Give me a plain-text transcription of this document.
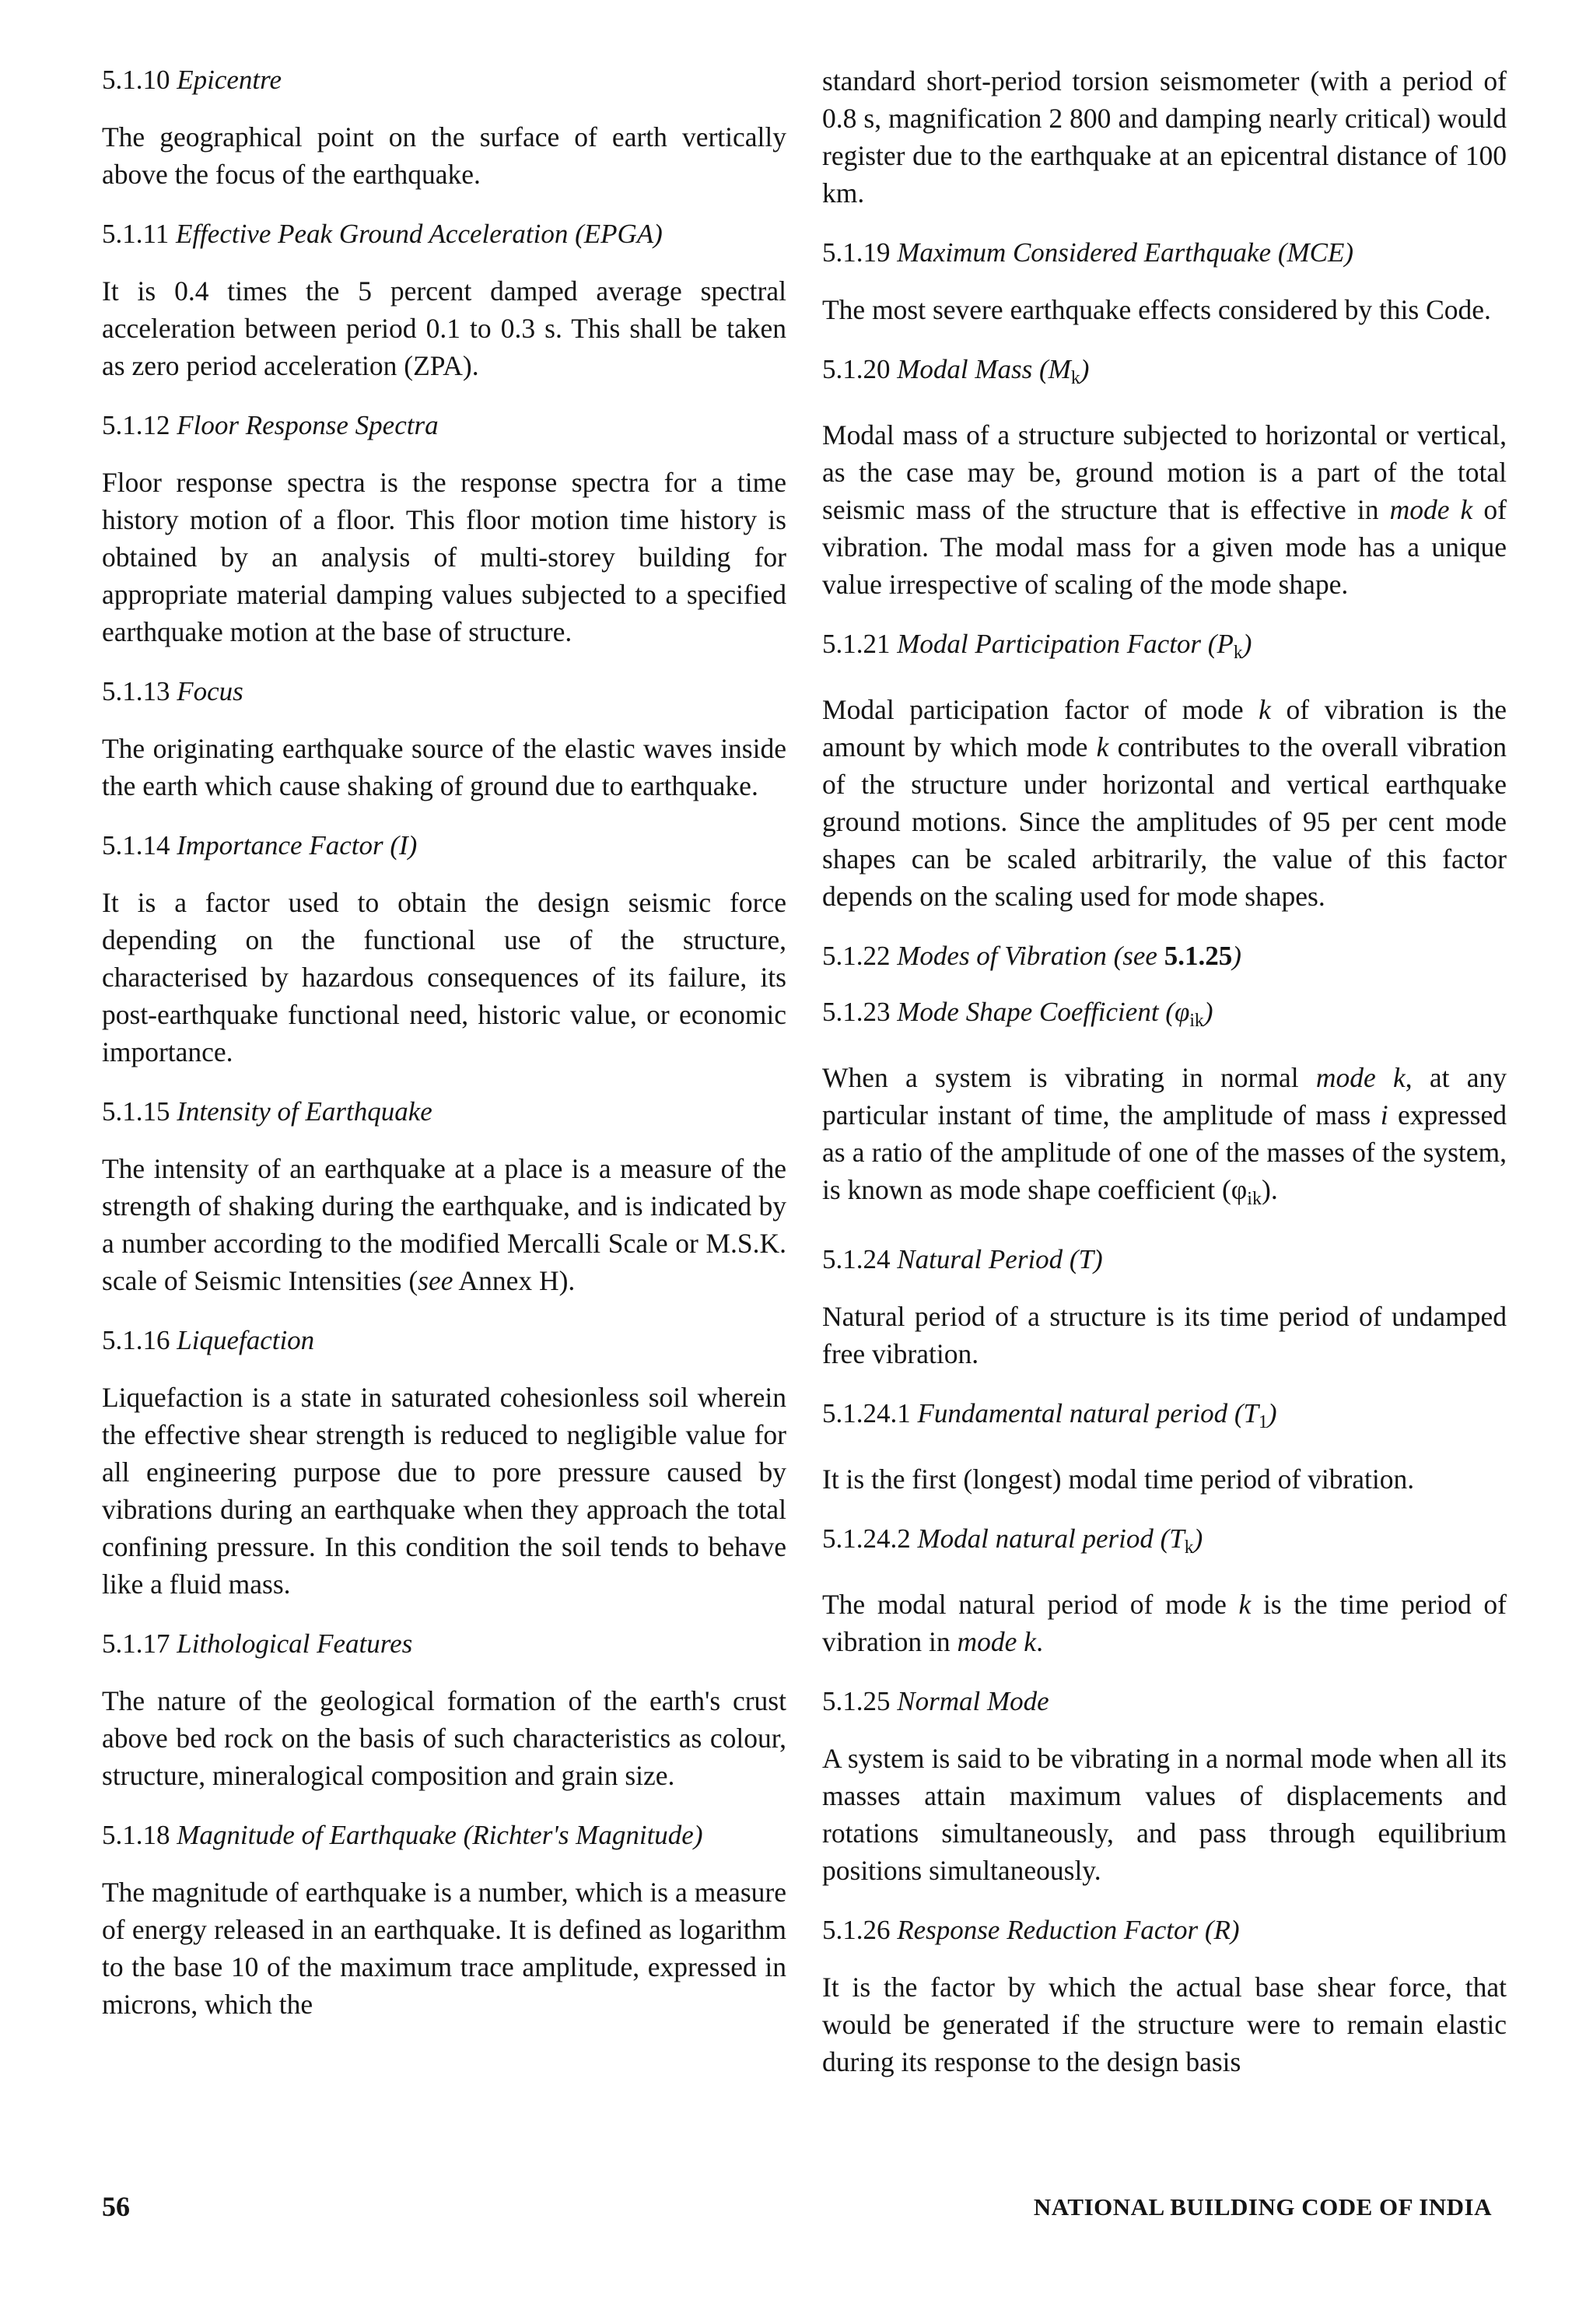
5.1.10 Epicentre

The geographical point on the surface of earth vertically above the focus of the earthquake.

5.1.11 Effective Peak Ground Acceleration (EPGA)

It is 0.4 times the 5 percent damped average spectral acceleration between period 0.1 to 0.3 s. This shall be taken as zero period acceleration (ZPA).

5.1.12 Floor Response Spectra

Floor response spectra is the response spectra for a time history motion of a floor. This floor motion time history is obtained by an analysis of multi-storey building for appropriate material damping values subjected to a specified earthquake motion at the base of structure.

5.1.13 Focus

The originating earthquake source of the elastic waves inside the earth which cause shaking of ground due to earthquake.

5.1.14 Importance Factor (I)

It is a factor used to obtain the design seismic force depending on the functional use of the structure, characterised by hazardous consequences of its failure, its post-earthquake functional need, historic value, or economic importance.

5.1.15 Intensity of Earthquake

The intensity of an earthquake at a place is a measure of the strength of shaking during the earthquake, and is indicated by a number according to the modified Mercalli Scale or M.S.K. scale of Seismic Intensities (see Annex H).

5.1.16 Liquefaction

Liquefaction is a state in saturated cohesionless soil wherein the effective shear strength is reduced to negligible value for all engineering purpose due to pore pressure caused by vibrations during an earthquake when they approach the total confining pressure. In this condition the soil tends to behave like a fluid mass.

5.1.17 Lithological Features

The nature of the geological formation of the earth's crust above bed rock on the basis of such characteristics as colour, structure, mineralogical composition and grain size.

5.1.18 Magnitude of Earthquake (Richter's Magnitude)

The magnitude of earthquake is a number, which is a measure of energy released in an earthquake. It is defined as logarithm to the base 10 of the maximum trace amplitude, expressed in microns, which the

standard short-period torsion seismometer (with a period of 0.8 s, magnification 2 800 and damping nearly critical) would register due to the earthquake at an epicentral distance of 100 km.

5.1.19 Maximum Considered Earthquake (MCE)

The most severe earthquake effects considered by this Code.

5.1.20 Modal Mass $(M_k)$

Modal mass of a structure subjected to horizontal or vertical, as the case may be, ground motion is a part of the total seismic mass of the structure that is effective in mode k of vibration. The modal mass for a given mode has a unique value irrespective of scaling of the mode shape.

5.1.21 Modal Participation Factor $(P_k)$

Modal participation factor of mode k of vibration is the amount by which mode k contributes to the overall vibration of the structure under horizontal and vertical earthquake ground motions. Since the amplitudes of 95 per cent mode shapes can be scaled arbitrarily, the value of this factor depends on the scaling used for mode shapes.

5.1.22 Modes of Vibration (see 5.1.25)
5.1.23 Mode Shape Coefficient $(\varphi_{ik})$

When a system is vibrating in normal mode k, at any particular instant of time, the amplitude of mass i expressed as a ratio of the amplitude of one of the masses of the system, is known as mode shape coefficient $(\varphi_{ik})$.

5.1.24 Natural Period (T)

Natural period of a structure is its time period of undamped free vibration.

5.1.24.1 Fundamental natural period $(T_1)$

It is the first (longest) modal time period of vibration.

5.1.24.2 Modal natural period $(T_k)$

The modal natural period of mode k is the time period of vibration in mode k.

5.1.25 Normal Mode

A system is said to be vibrating in a normal mode when all its masses attain maximum values of displacements and rotations simultaneously, and pass through equilibrium positions simultaneously.

5.1.26 Response Reduction Factor (R)

It is the factor by which the actual base shear force, that would be generated if the structure were to remain elastic during its response to the design basis

56	NATIONAL BUILDING CODE OF INDIA
